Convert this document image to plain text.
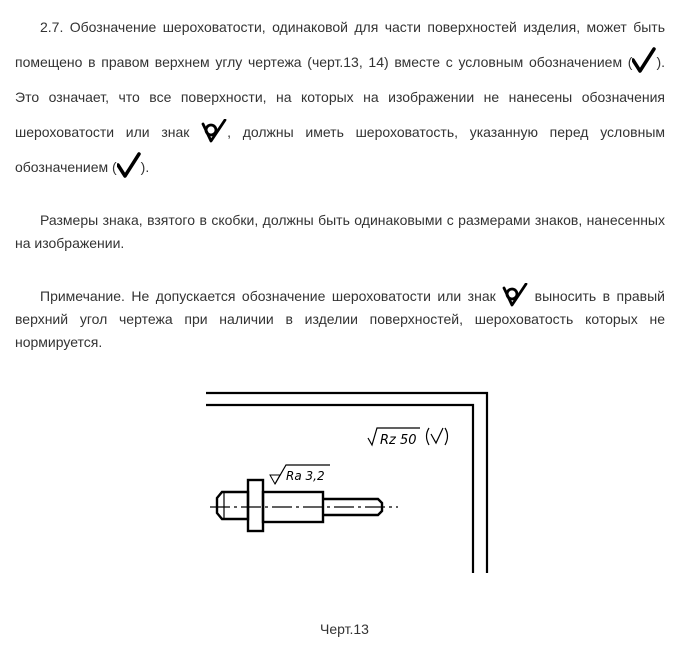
2.7. Обозначение шероховатости, одинаковой для части поверхностей изделия, может быть помещено в правом верхнем углу чертежа (черт.13, 14) вместе с условным обозначением ( ). Это означает, что все поверхности, на которых на изображении не нанесены обозначения шероховатости или знак	, должны иметь шероховатость, указанную перед условным обозначением ( ).

Размеры знака, взятого в скобки, должны быть одинаковыми с размерами знаков, нанесенных на изображении.

Примечание. Не допускается обозначение шероховатости или знак	выносить в правый верхний угол чертежа при наличии в изделии поверхностей, шероховатость которых не нормируется.

Rz 50
Ra 3,2
Черт.13
